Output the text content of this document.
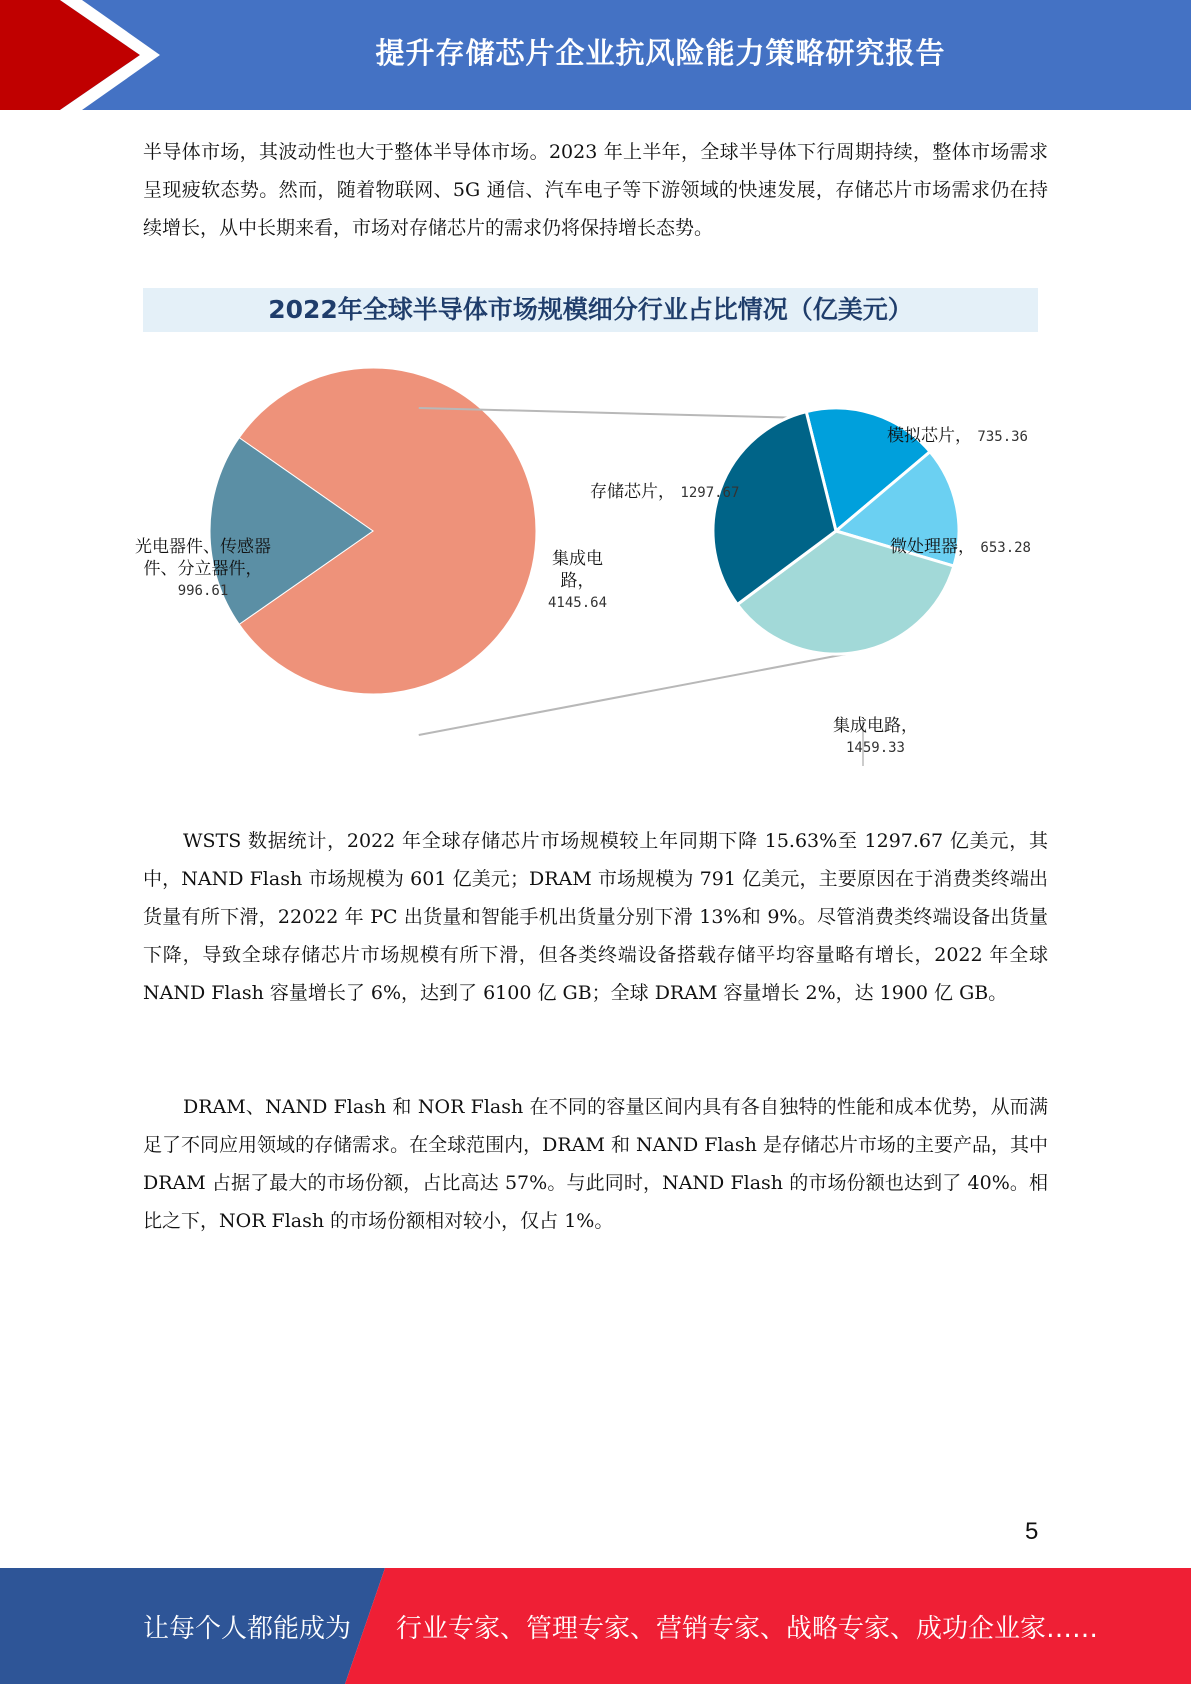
提升存储芯片企业抗风险能力策略研究报告

半导体市场，其波动性也大于整体半导体市场。2023 年上半年，全球半导体下行周期持续，整体市场需求呈现疲软态势。然而，随着物联网、5G 通信、汽车电子等下游领域的快速发展，存储芯片市场需求仍在持续增长，从中长期来看，市场对存储芯片的需求仍将保持增长态势。

2022年全球半导体市场规模细分行业占比情况（亿美元）
光电器件、传感器
件、分立器件，
996.61
集成电
路，
4145.64
模拟芯片， 735.36
微处理器， 653.28
集成电路，
1459.33
存储芯片， 1297.67

WSTS 数据统计，2022 年全球存储芯片市场规模较上年同期下降 15.63%至 1297.67 亿美元，其中，NAND Flash 市场规模为 601 亿美元；DRAM 市场规模为 791 亿美元，主要原因在于消费类终端出货量有所下滑，22022 年 PC 出货量和智能手机出货量分别下滑 13%和 9%。尽管消费类终端设备出货量下降，导致全球存储芯片市场规模有所下滑，但各类终端设备搭载存储平均容量略有增长，2022 年全球 NAND Flash 容量增长了 6%，达到了 6100 亿 GB；全球 DRAM 容量增长 2%，达 1900 亿 GB。

DRAM、NAND Flash 和 NOR Flash 在不同的容量区间内具有各自独特的性能和成本优势，从而满足了不同应用领域的存储需求。在全球范围内，DRAM 和 NAND Flash 是存储芯片市场的主要产品，其中 DRAM 占据了最大的市场份额，占比高达 57%。与此同时，NAND Flash 的市场份额也达到了 40%。相比之下，NOR Flash 的市场份额相对较小，仅占 1%。

5
让每个人都能成为 行业专家、管理专家、营销专家、战略专家、成功企业家……
